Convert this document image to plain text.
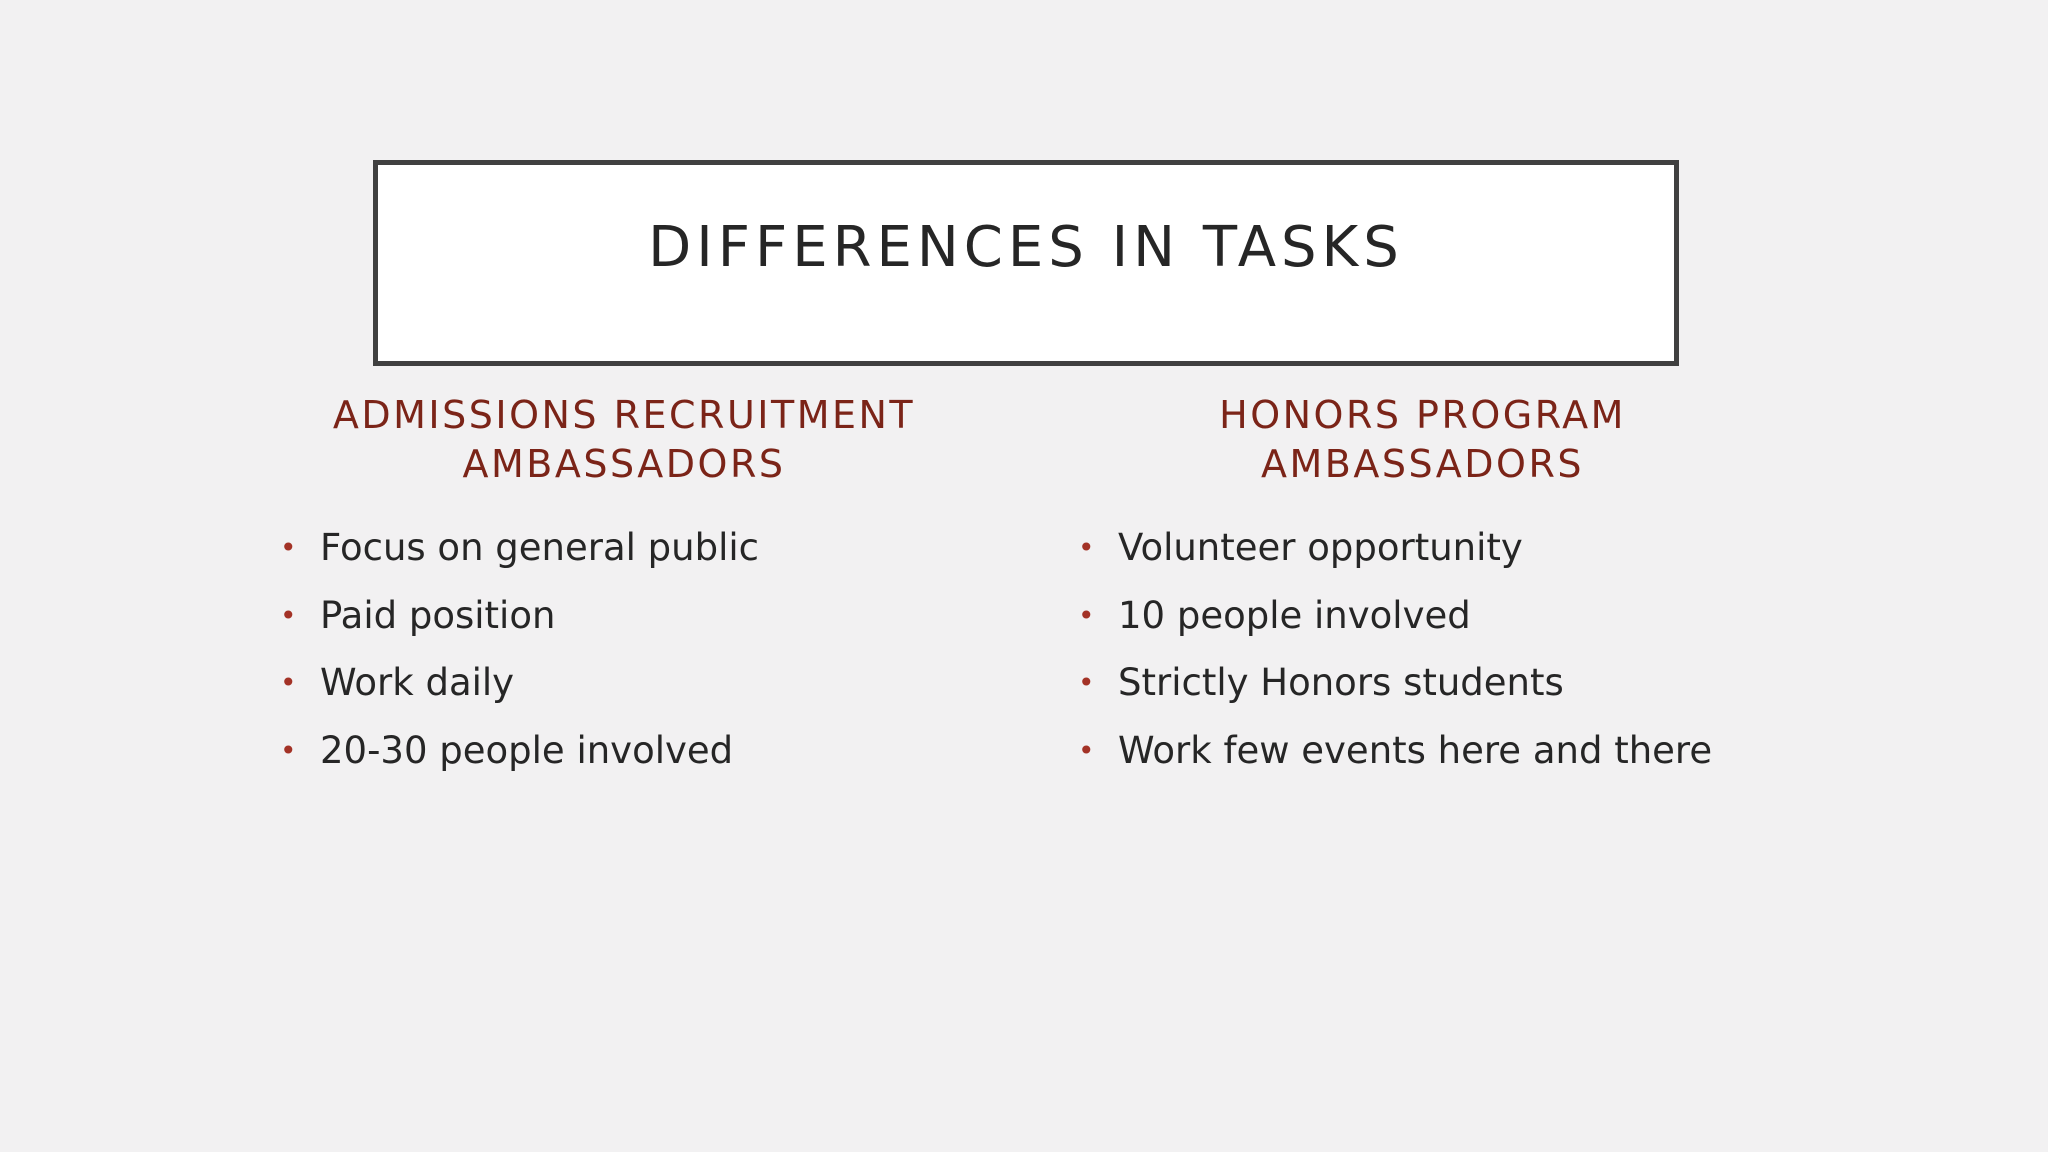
DIFFERENCES IN TASKS
ADMISSIONS RECRUITMENT
AMBASSADORS
HONORS PROGRAM
AMBASSADORS
• Focus on general public
• Paid position
• Work daily
• 20-30 people involved
• Volunteer opportunity
• 10 people involved
• Strictly Honors students
• Work few events here and there
